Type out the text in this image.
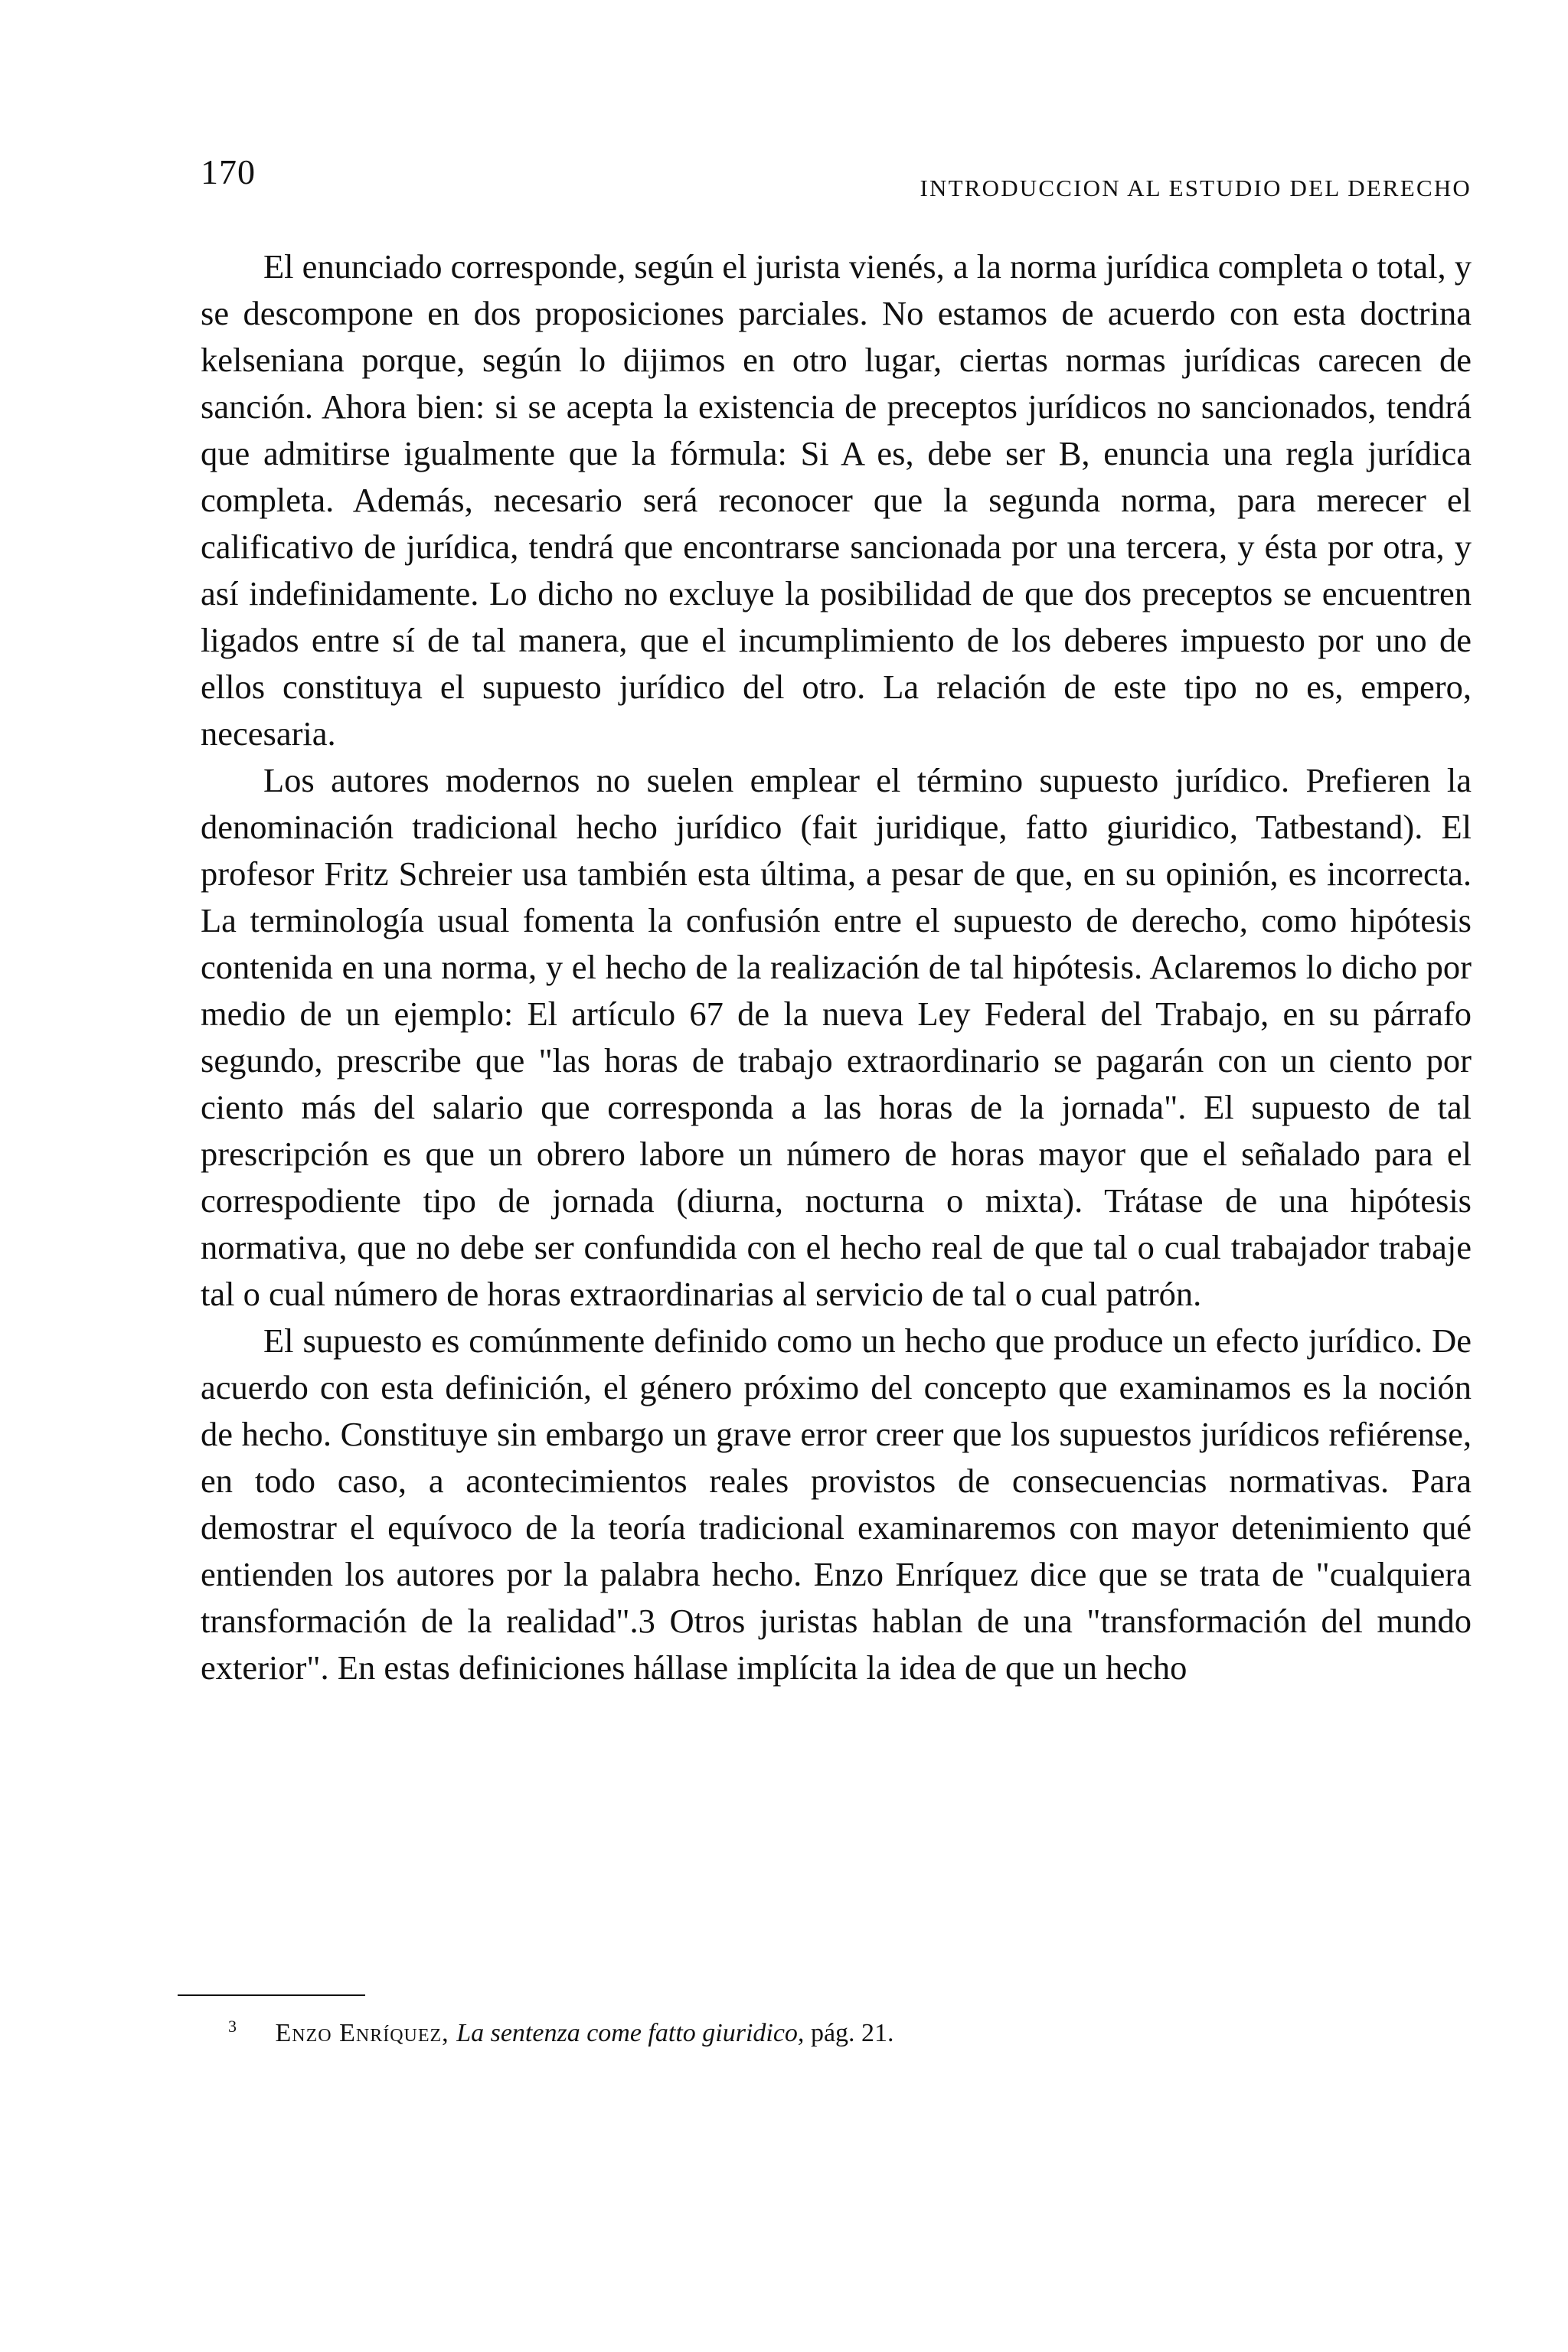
170	INTRODUCCION AL ESTUDIO DEL DERECHO

El enunciado corresponde, según el jurista vienés, a la norma jurídica completa o total, y se descompone en dos proposiciones parciales. No estamos de acuerdo con esta doctrina kelseniana porque, según lo dijimos en otro lugar, ciertas normas jurídicas carecen de sanción. Ahora bien: si se acepta la existencia de preceptos jurídicos no sancionados, tendrá que admitirse igualmente que la fórmula: Si A es, debe ser B, enuncia una regla jurídica completa. Además, necesario será reconocer que la segunda norma, para merecer el calificativo de jurídica, tendrá que encontrarse sancionada por una tercera, y ésta por otra, y así indefinidamente. Lo dicho no excluye la posibilidad de que dos preceptos se encuentren ligados entre sí de tal manera, que el incumplimiento de los deberes impuesto por uno de ellos constituya el supuesto jurídico del otro. La relación de este tipo no es, empero, necesaria.

Los autores modernos no suelen emplear el término supuesto jurídico. Prefieren la denominación tradicional hecho jurídico (fait juridique, fatto giuridico, Tatbestand). El profesor Fritz Schreier usa también esta última, a pesar de que, en su opinión, es incorrecta. La terminología usual fomenta la confusión entre el supuesto de derecho, como hipótesis contenida en una norma, y el hecho de la realización de tal hipótesis. Aclaremos lo dicho por medio de un ejemplo: El artículo 67 de la nueva Ley Federal del Trabajo, en su párrafo segundo, prescribe que "las horas de trabajo extraordinario se pagarán con un ciento por ciento más del salario que corresponda a las horas de la jornada". El supuesto de tal prescripción es que un obrero labore un número de horas mayor que el señalado para el correspodiente tipo de jornada (diurna, nocturna o mixta). Trátase de una hipótesis normativa, que no debe ser confundida con el hecho real de que tal o cual trabajador trabaje tal o cual número de horas extraordinarias al servicio de tal o cual patrón.

El supuesto es comúnmente definido como un hecho que produce un efecto jurídico. De acuerdo con esta definición, el género próximo del concepto que examinamos es la noción de hecho. Constituye sin embargo un grave error creer que los supuestos jurídicos refiérense, en todo caso, a acontecimientos reales provistos de consecuencias normativas. Para demostrar el equívoco de la teoría tradicional examinaremos con mayor detenimiento qué entienden los autores por la palabra hecho. Enzo Enríquez dice que se trata de "cualquiera transformación de la realidad".3 Otros juristas hablan de una "transformación del mundo exterior". En estas definiciones hállase implícita la idea de que un hecho

$^3$ Enzo Enríquez, La sentenza come fatto giuridico, pág. 21.
